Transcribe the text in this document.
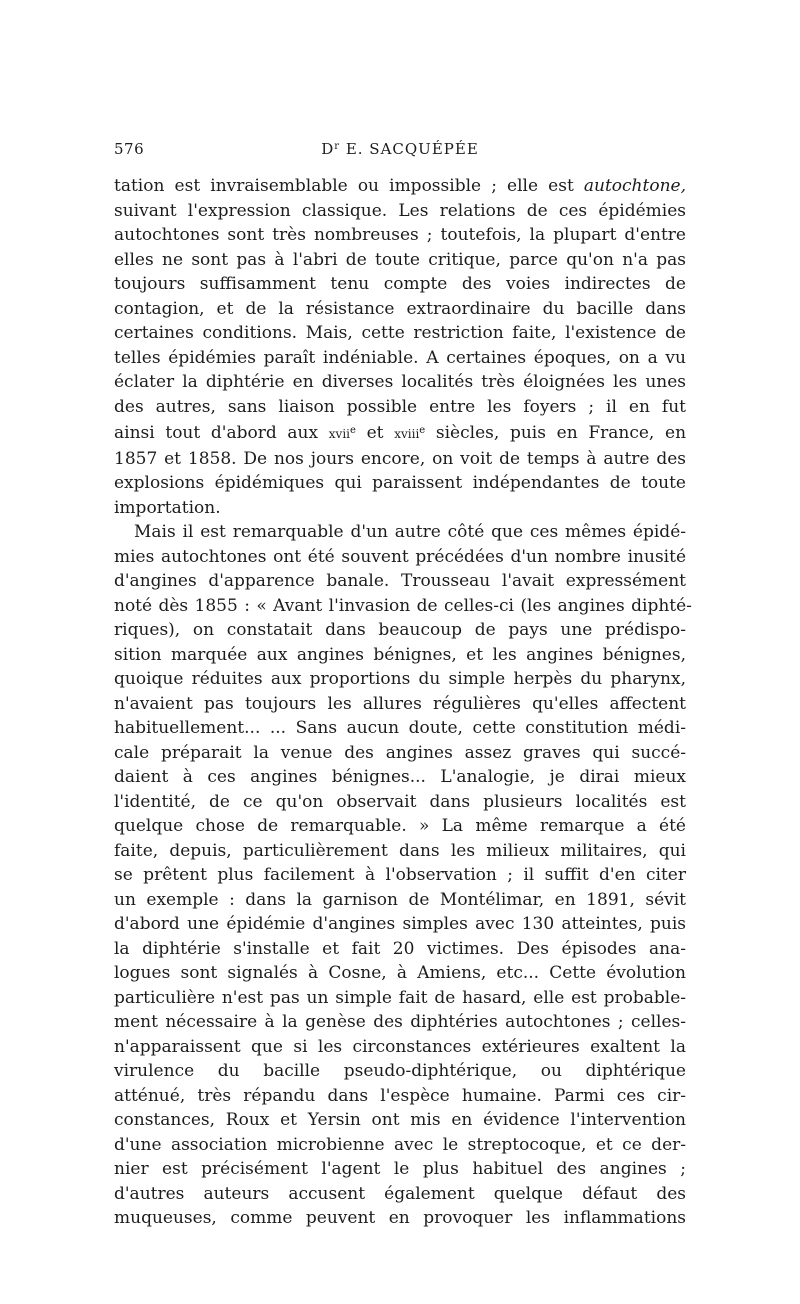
576	$D^r$ E. SACQUÉPÉE
tation est invraisemblable ou impossible ; elle est autochtone,
suivant l'expression classique. Les relations de ces épidémies
autochtones sont très nombreuses ; toutefois, la plupart d'entre
elles ne sont pas à l'abri de toute critique, parce qu'on n'a pas
toujours suffisamment tenu compte des voies indirectes de
contagion, et de la résistance extraordinaire du bacille dans
certaines conditions. Mais, cette restriction faite, l'existence de
telles épidémies paraît indéniable. A certaines époques, on a vu
éclater la diphtérie en diverses localités très éloignées les unes
des autres, sans liaison possible entre les foyers ; il en fut
ainsi tout d'abord aux xvii$^e$ et xviii$^e$ siècles, puis en France, en
1857 et 1858. De nos jours encore, on voit de temps à autre des
explosions épidémiques qui paraissent indépendantes de toute
importation.
Mais il est remarquable d'un autre côté que ces mêmes épidé-
mies autochtones ont été souvent précédées d'un nombre inusité
d'angines d'apparence banale. Trousseau l'avait expressément
noté dès 1855 : « Avant l'invasion de celles-ci (les angines diphté-
riques), on constatait dans beaucoup de pays une prédispo-
sition marquée aux angines bénignes, et les angines bénignes,
quoique réduites aux proportions du simple herpès du pharynx,
n'avaient pas toujours les allures régulières qu'elles affectent
habituellement... ... Sans aucun doute, cette constitution médi-
cale préparait la venue des angines assez graves qui succé-
daient à ces angines bénignes... L'analogie, je dirai mieux
l'identité, de ce qu'on observait dans plusieurs localités est
quelque chose de remarquable. » La même remarque a été
faite, depuis, particulièrement dans les milieux militaires, qui
se prêtent plus facilement à l'observation ; il suffit d'en citer
un exemple : dans la garnison de Montélimar, en 1891, sévit
d'abord une épidémie d'angines simples avec 130 atteintes, puis
la diphtérie s'installe et fait 20 victimes. Des épisodes ana-
logues sont signalés à Cosne, à Amiens, etc... Cette évolution
particulière n'est pas un simple fait de hasard, elle est probable-
ment nécessaire à la genèse des diphtéries autochtones ; celles-
n'apparaissent que si les circonstances extérieures exaltent la
virulence du bacille pseudo-diphtérique, ou diphtérique
atténué, très répandu dans l'espèce humaine. Parmi ces cir-
constances, Roux et Yersin ont mis en évidence l'intervention
d'une association microbienne avec le streptocoque, et ce der-
nier est précisément l'agent le plus habituel des angines ;
d'autres auteurs accusent également quelque défaut des
muqueuses, comme peuvent en provoquer les inflammations
